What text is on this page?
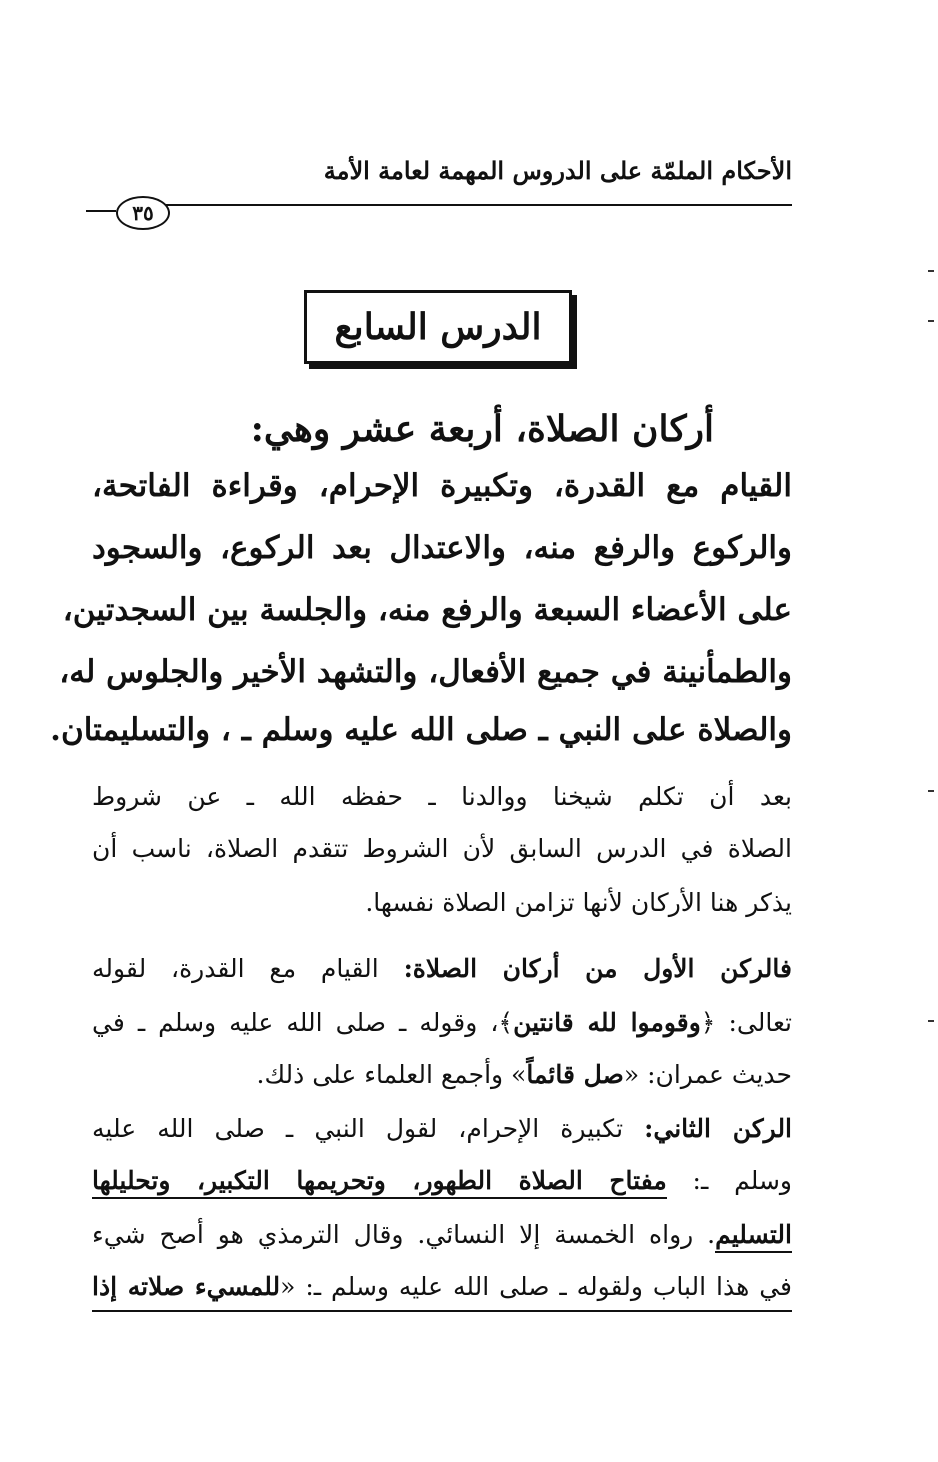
الأحكام الملمّة على الدروس المهمة لعامة الأمة
٣٥
الدرس السابع
أركان الصلاة، أربعة عشر وهي:
القيام مع القدرة، وتكبيرة الإحرام، وقراءة الفاتحة،
والركوع والرفع منه، والاعتدال بعد الركوع، والسجود
على الأعضاء السبعة والرفع منه، والجلسة بين السجدتين،
والطمأنينة في جميع الأفعال، والتشهد الأخير والجلوس له،
والصلاة على النبي ـ صلى الله عليه وسلم ـ ، والتسليمتان.
بعد أن تكلم شيخنا ووالدنا ـ حفظه الله ـ عن شروط
الصلاة في الدرس السابق لأن الشروط تتقدم الصلاة، ناسب أن
يذكر هنا الأركان لأنها تزامن الصلاة نفسها.
فالركن الأول من أركان الصلاة: القيام مع القدرة، لقوله
تعالى: ﴿وقوموا لله قانتين﴾، وقوله ـ صلى الله عليه وسلم ـ في
حديث عمران: «صل قائماً» وأجمع العلماء على ذلك.
الركن الثاني: تكبيرة الإحرام، لقول النبي ـ صلى الله عليه
وسلم ـ: مفتاح الصلاة الطهور، وتحريمها التكبير، وتحليلها
التسليم. رواه الخمسة إلا النسائي. وقال الترمذي هو أصح شيء
في هذا الباب ولقوله ـ صلى الله عليه وسلم ـ: «للمسيء صلاته إذا
